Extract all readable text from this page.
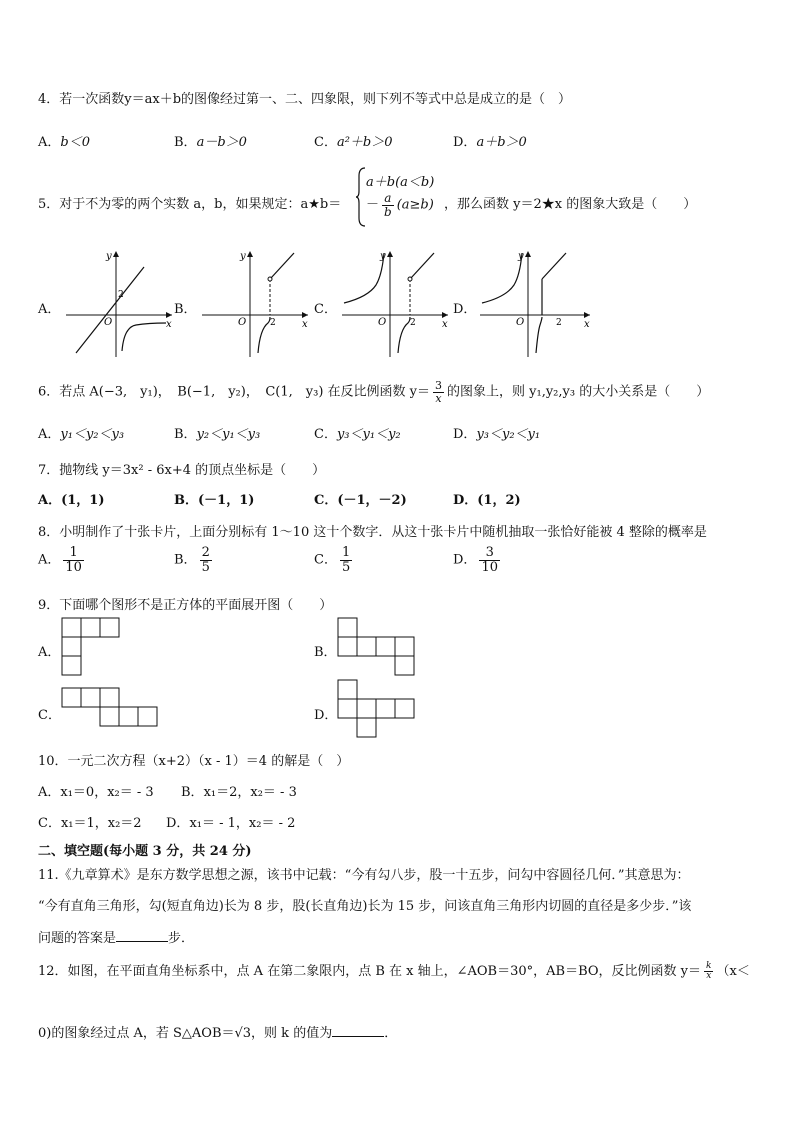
4．若一次函数y＝ax＋b的图像经过第一、二、四象限，则下列不等式中总是成立的是（　）
A．b＜0	B．a－b＞0	C．a²＋b＞0	D．a＋b＞0
5．对于不为零的两个实数 a，b，如果规定：a★b＝
a＋b(a＜b)
－ $\frac{a}{b} (a\ge b)$ ，那么函数 y＝2★x 的图象大致是（　　）
A．
y
x
O
2
B．
y
x
O	2
C．
y
x
O	2
D．
y
x
O	2
6．若点 A(−3,　y₁)，　B(−1,　y₂)，　C(1,　y₃) 在反比例函数 $y= \frac{3}{x}$ 的图象上，则 y₁,y₂,y₃ 的大小关系是（　　）
A．y₁＜y₂＜y₃	B．y₂＜y₁＜y₃	C．y₃＜y₁＜y₂	D．y₃＜y₂＜y₁
7．抛物线 y＝3x² - 6x+4 的顶点坐标是（　　）
A．(1，1)	B．(－1，1)	C．(－1，－2)	D．(1，2)
8．小明制作了十张卡片，上面分别标有 1～10 这十个数字．从这十张卡片中随机抽取一张恰好能被 4 整除的概率是
A． $\frac{1}{10}$	B． $\frac{2}{5}$	C． $\frac{1}{5}$	D． $\frac{3}{10}$
9．下面哪个图形不是正方体的平面展开图（　　）
A．	B．
C．	D．
10．一元二次方程（x+2）（x - 1）＝4 的解是（　）
A．x₁＝0，x₂＝ - 3 B．x₁＝2，x₂＝ - 3
C．x₁＝1，x₂＝2 D．x₁＝ - 1，x₂＝ - 2
二、填空题(每小题 3 分，共 24 分)
11.《九章算术》是东方数学思想之源，该书中记载：“今有勾八步，股一十五步，问勾中容圆径几何．”其意思为：
“今有直角三角形，勾(短直角边)长为 8 步，股(长直角边)长为 15 步，问该直角三角形内切圆的直径是多少步．”该
问题的答案是	步．
12．如图，在平面直角坐标系中，点 A 在第二象限内，点 B 在 x 轴上，∠AOB＝30°，AB＝BO，反比例函数 $y= \frac{k}{x} (x<$
0)的图象经过点 A，若 S△AOB＝√3，则 k 的值为	．
